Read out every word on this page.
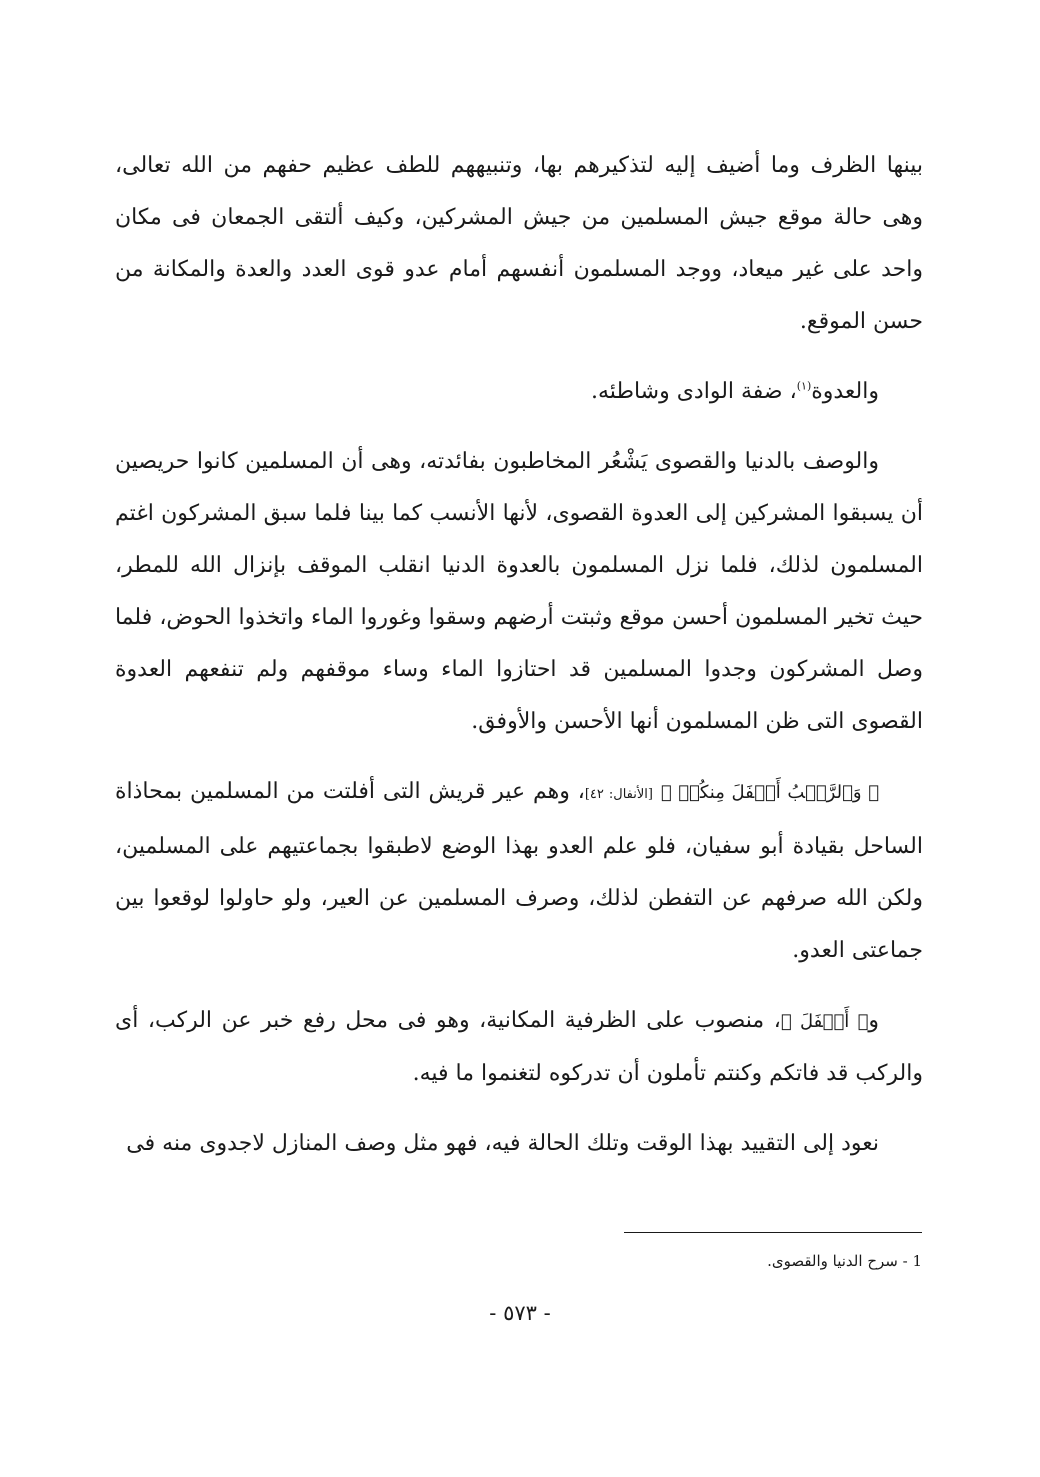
بينها الظرف وما أضيف إليه لتذكيرهم بها، وتنبيههم للطف عظيم حفهم من الله تعالى، وهى حالة موقع جيش المسلمين من جيش المشركين، وكيف ألتقى الجمعان فى مكان واحد على غير ميعاد، ووجد المسلمون أنفسهم أمام عدو قوى العدد والعدة والمكانة من حسن الموقع.

والعدوة$^{(١)}$، ضفة الوادى وشاطئه.

والوصف بالدنيا والقصوى يَشْعُر المخاطبون بفائدته، وهى أن المسلمين كانوا حريصين أن يسبقوا المشركين إلى العدوة القصوى، لأنها الأنسب كما بينا فلما سبق المشركون اغتم المسلمون لذلك، فلما نزل المسلمون بالعدوة الدنيا انقلب الموقف بإنزال الله للمطر، حيث تخير المسلمون أحسن موقع وثبتت أرضهم وسقوا وغوروا الماء واتخذوا الحوض، فلما وصل المشركون وجدوا المسلمين قد احتازوا الماء وساء موقفهم ولم تنفعهم العدوة القصوى التى ظن المسلمون أنها الأحسن والأوفق.

﴿ وَٱلرَّكۡبُ أَسۡفَلَ مِنكُمۡ ﴾ [الأنفال: ٤٢]، وهم عير قريش التى أفلتت من المسلمين بمحاذاة الساحل بقيادة أبو سفيان، فلو علم العدو بهذا الوضع لاطبقوا بجماعتيهم على المسلمين، ولكن الله صرفهم عن التفطن لذلك، وصرف المسلمين عن العير، ولو حاولوا لوقعوا بين جماعتى العدو.

و﴿ أَسۡفَلَ ﴾، منصوب على الظرفية المكانية، وهو فى محل رفع خبر عن الركب، أى والركب قد فاتكم وكنتم تأملون أن تدركوه لتغنموا ما فيه.

نعود إلى التقييد بهذا الوقت وتلك الحالة فيه، فهو مثل وصف المنازل لاجدوى منه فى

1 - سرح الدنيا والقصوى.
- ٥٧٣ -
